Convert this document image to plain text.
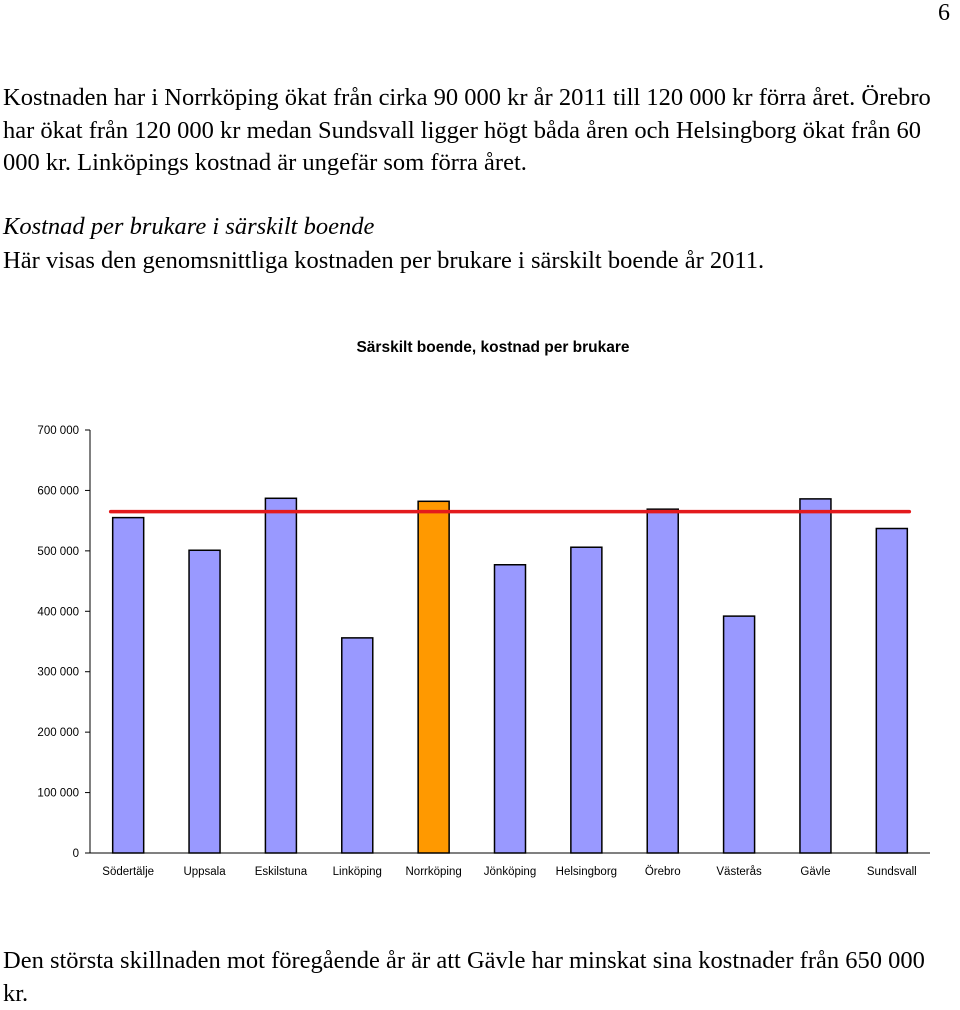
6

Kostnaden har i Norrköping ökat från cirka 90 000 kr år 2011 till 120 000 kr förra året. Örebro har ökat från 120 000 kr medan Sundsvall ligger högt båda åren och Helsingborg ökat från 60 000 kr. Linköpings kostnad är ungefär som förra året.

Kostnad per brukare i särskilt boende

Här visas den genomsnittliga kostnaden per brukare i särskilt boende år 2011.

Särskilt boende, kostnad per brukare
0
100 000
200 000
300 000
400 000
500 000
600 000
700 000
Södertälje	Uppsala	Eskilstuna Linköping Norrköping Jönköping Helsingborg Örebro	Västerås	Gävle	Sundsvall

Den största skillnaden mot föregående år är att Gävle har minskat sina kostnader från 650 000 kr.
